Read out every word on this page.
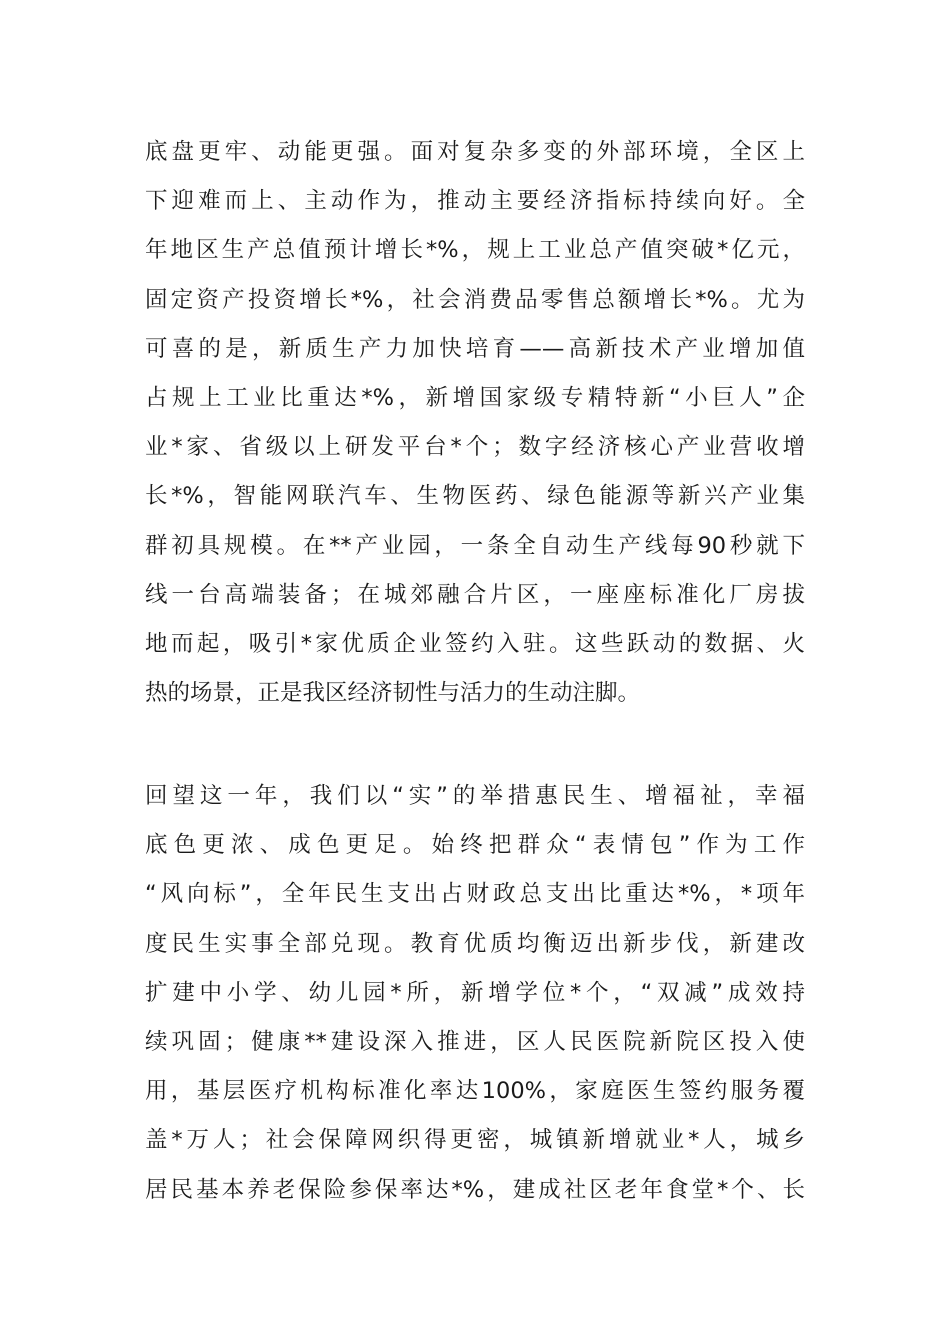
底盘更牢、动能更强。面对复杂多变的外部环境，全区上
下迎难而上、主动作为，推动主要经济指标持续向好。全
年地区生产总值预计增长*%，规上工业总产值突破*亿元，
固定资产投资增长*%，社会消费品零售总额增长*%。尤为
可喜的是，新质生产力加快培育——高新技术产业增加值
占规上工业比重达*%，新增国家级专精特新“小巨人”企
业*家、省级以上研发平台*个；数字经济核心产业营收增
长*%，智能网联汽车、生物医药、绿色能源等新兴产业集
群初具规模。在**产业园，一条全自动生产线每90秒就下
线一台高端装备；在城郊融合片区，一座座标准化厂房拔
地而起，吸引*家优质企业签约入驻。这些跃动的数据、火
热的场景，正是我区经济韧性与活力的生动注脚。
回望这一年，我们以“实”的举措惠民生、增福祉，幸福
底色更浓、成色更足。始终把群众“表情包”作为工作
“风向标”，全年民生支出占财政总支出比重达*%，*项年
度民生实事全部兑现。教育优质均衡迈出新步伐，新建改
扩建中小学、幼儿园*所，新增学位*个，“双减”成效持
续巩固；健康**建设深入推进，区人民医院新院区投入使
用，基层医疗机构标准化率达100%，家庭医生签约服务覆
盖*万人；社会保障网织得更密，城镇新增就业*人，城乡
居民基本养老保险参保率达*%，建成社区老年食堂*个、长
